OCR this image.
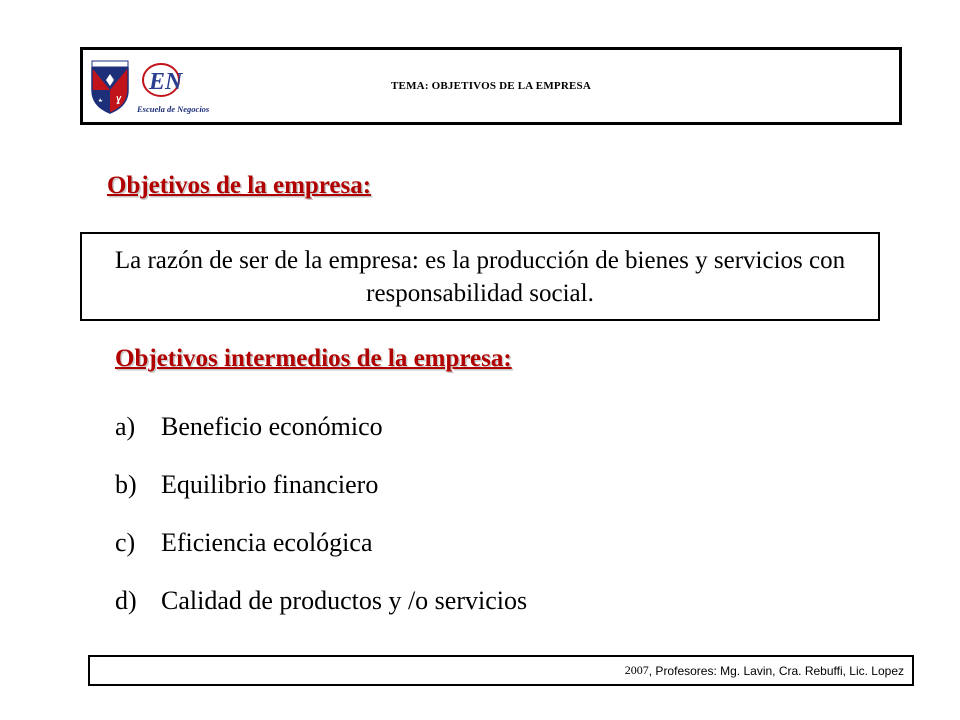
EN
Escuela de Negocios
TEMA: OBJETIVOS DE LA EMPRESA
Objetivos de la empresa:
La razón de ser de la empresa: es la producción de bienes y servicios con responsabilidad social.
Objetivos intermedios de la empresa:
a) Beneficio económico
b) Equilibrio financiero
c) Eficiencia ecológica
d) Calidad de productos y /o servicios
2007 , Profesores: Mg. Lavin, Cra. Rebuffi, Lic. Lopez
